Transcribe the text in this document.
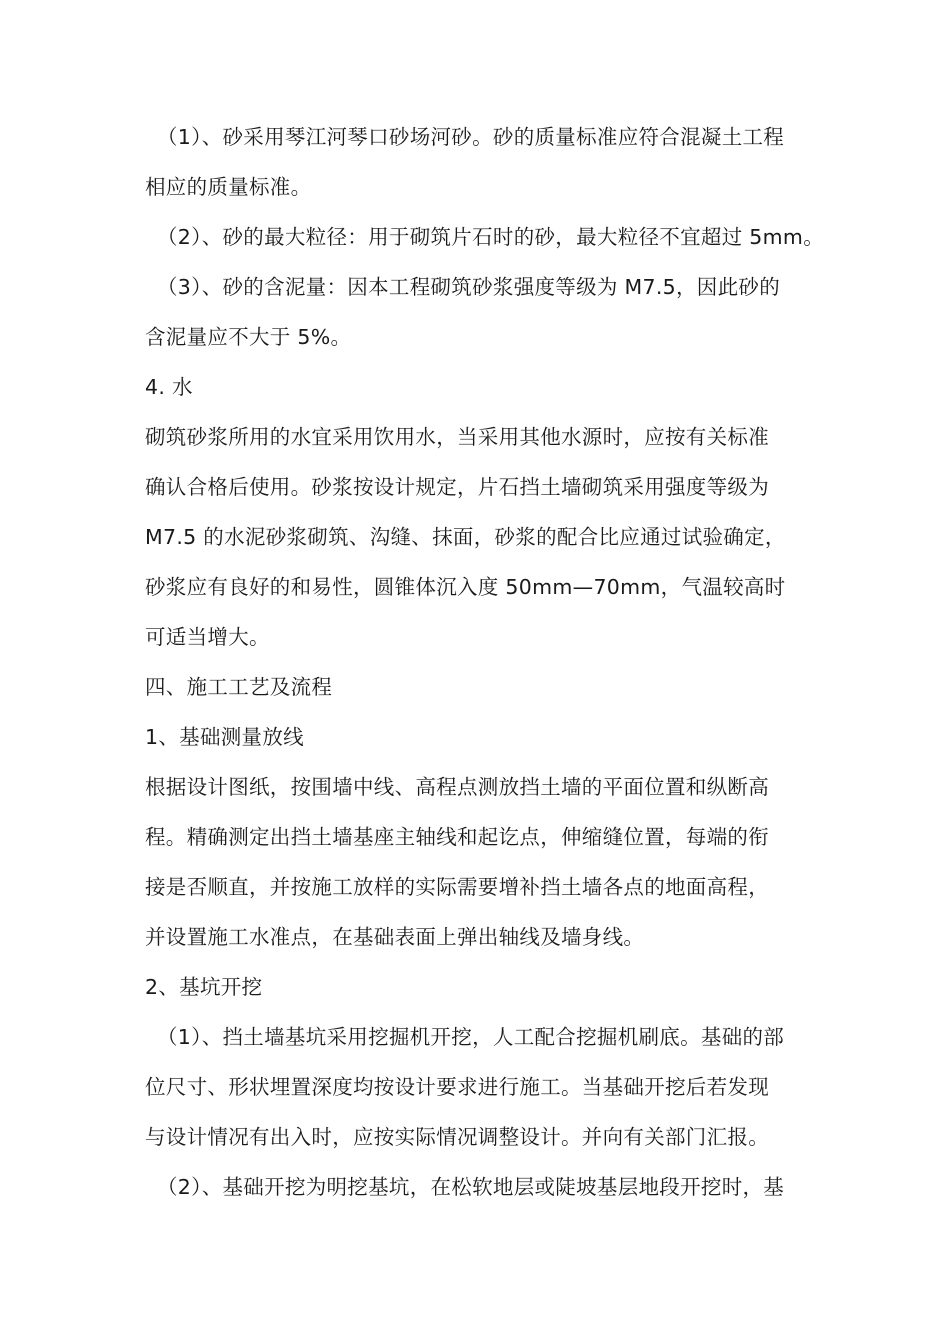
（1）、砂采用琴江河琴口砂场河砂。砂的质量标准应符合混凝土工程
相应的质量标准。
（2）、砂的最大粒径：用于砌筑片石时的砂，最大粒径不宜超过 5mm。
（3）、砂的含泥量：因本工程砌筑砂浆强度等级为 M7.5，因此砂的
含泥量应不大于 5%。
4. 水
砌筑砂浆所用的水宜采用饮用水，当采用其他水源时，应按有关标准
确认合格后使用。砂浆按设计规定，片石挡土墙砌筑采用强度等级为
M7.5 的水泥砂浆砌筑、沟缝、抹面，砂浆的配合比应通过试验确定，
砂浆应有良好的和易性，圆锥体沉入度 50mm—70mm，气温较高时
可适当增大。
四、施工工艺及流程
1、基础测量放线
根据设计图纸，按围墙中线、高程点测放挡土墙的平面位置和纵断高
程。精确测定出挡土墙基座主轴线和起讫点，伸缩缝位置，每端的衔
接是否顺直，并按施工放样的实际需要增补挡土墙各点的地面高程，
并设置施工水准点，在基础表面上弹出轴线及墙身线。
2、基坑开挖
（1）、挡土墙基坑采用挖掘机开挖，人工配合挖掘机刷底。基础的部
位尺寸、形状埋置深度均按设计要求进行施工。当基础开挖后若发现
与设计情况有出入时，应按实际情况调整设计。并向有关部门汇报。
（2）、基础开挖为明挖基坑，在松软地层或陡坡基层地段开挖时，基
